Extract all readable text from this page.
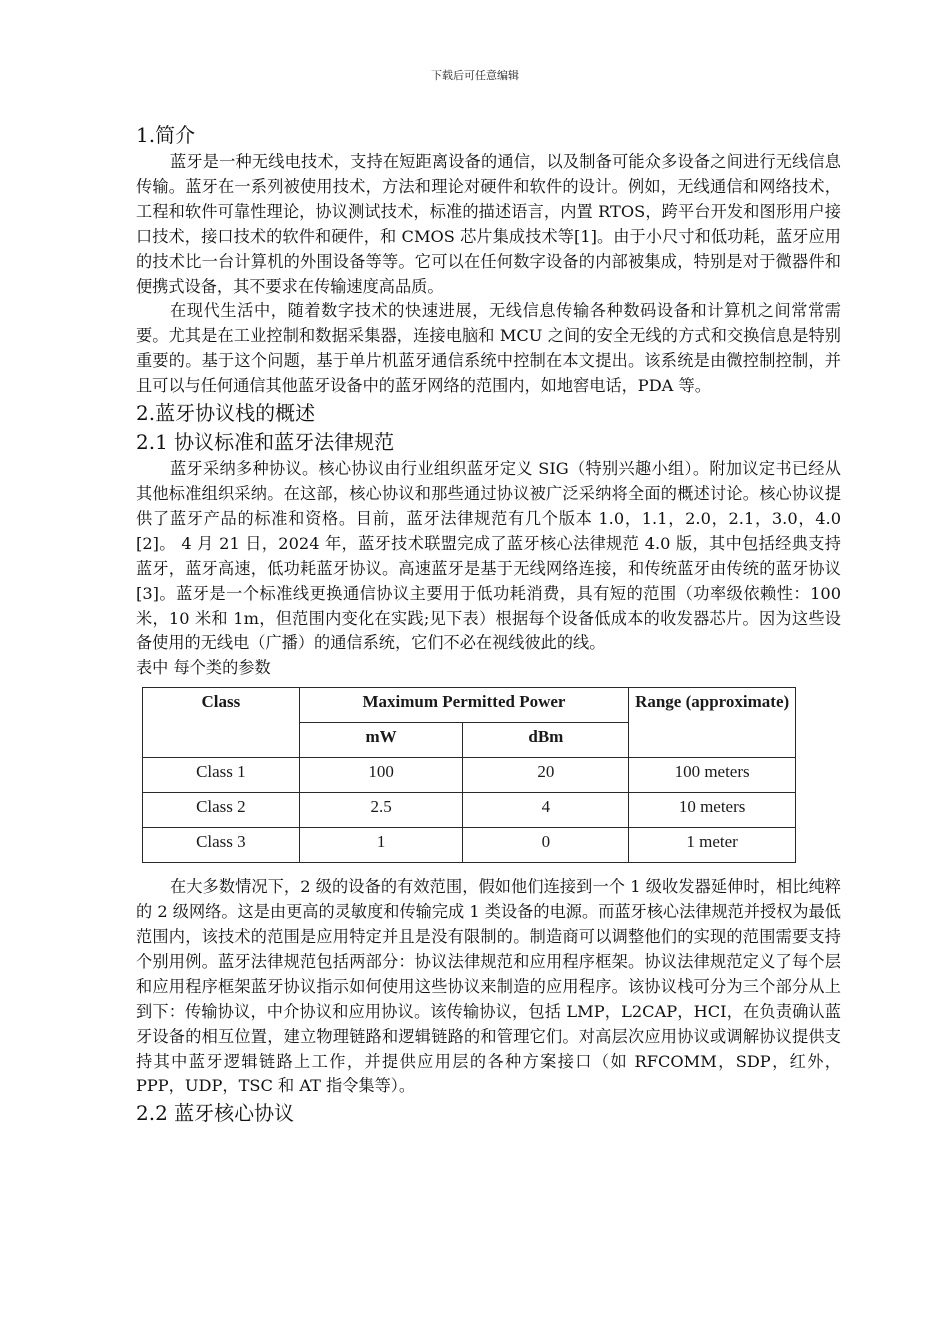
下载后可任意编辑
1.简介

蓝牙是一种无线电技术，支持在短距离设备的通信，以及制备可能众多设备之间进行无线信息传输。蓝牙在一系列被使用技术，方法和理论对硬件和软件的设计。例如，无线通信和网络技术，工程和软件可靠性理论，协议测试技术，标准的描述语言，内置 RTOS，跨平台开发和图形用户接口技术，接口技术的软件和硬件，和 CMOS 芯片集成技术等[1]。由于小尺寸和低功耗，蓝牙应用的技术比一台计算机的外围设备等等。它可以在任何数字设备的内部被集成，特别是对于微器件和便携式设备，其不要求在传输速度高品质。

在现代生活中，随着数字技术的快速进展，无线信息传输各种数码设备和计算机之间常常需要。尤其是在工业控制和数据采集器，连接电脑和 MCU 之间的安全无线的方式和交换信息是特别重要的。基于这个问题，基于单片机蓝牙通信系统中控制在本文提出。该系统是由微控制控制，并且可以与任何通信其他蓝牙设备中的蓝牙网络的范围内，如地窖电话，PDA 等。

2.蓝牙协议栈的概述
2.1 协议标准和蓝牙法律规范

蓝牙采纳多种协议。核心协议由行业组织蓝牙定义 SIG（特别兴趣小组）。附加议定书已经从其他标准组织采纳。在这部，核心协议和那些通过协议被广泛采纳将全面的概述讨论。核心协议提供了蓝牙产品的标准和资格。目前，蓝牙法律规范有几个版本 1.0，1.1，2.0，2.1，3.0，4.0 [2]。 4 月 21 日，2024 年，蓝牙技术联盟完成了蓝牙核心法律规范 4.0 版，其中包括经典支持蓝牙，蓝牙高速，低功耗蓝牙协议。高速蓝牙是基于无线网络连接，和传统蓝牙由传统的蓝牙协议[3]。蓝牙是一个标准线更换通信协议主要用于低功耗消费，具有短的范围（功率级依赖性：100 米，10 米和 1m，但范围内变化在实践;见下表）根据每个设备低成本的收发器芯片。因为这些设备使用的无线电（广播）的通信系统，它们不必在视线彼此的线。

表中 每个类的参数
Class	Maximum Permitted Power		Range (approximate)
	mW	dBm	
Class 1	100	20	100 meters
Class 2	2.5	4	10 meters
Class 3	1	0	1 meter

在大多数情况下，2 级的设备的有效范围，假如他们连接到一个 1 级收发器延伸时，相比纯粹的 2 级网络。这是由更高的灵敏度和传输完成 1 类设备的电源。而蓝牙核心法律规范并授权为最低范围内，该技术的范围是应用特定并且是没有限制的。制造商可以调整他们的实现的范围需要支持个别用例。蓝牙法律规范包括两部分：协议法律规范和应用程序框架。协议法律规范定义了每个层和应用程序框架蓝牙协议指示如何使用这些协议来制造的应用程序。该协议栈可分为三个部分从上到下：传输协议，中介协议和应用协议。该传输协议，包括 LMP，L2CAP，HCI，在负责确认蓝牙设备的相互位置，建立物理链路和逻辑链路的和管理它们。对高层次应用协议或调解协议提供支持其中蓝牙逻辑链路上工作，并提供应用层的各种方案接口（如 RFCOMM，SDP，红外，PPP，UDP，TSC 和 AT 指令集等）。

2.2 蓝牙核心协议
